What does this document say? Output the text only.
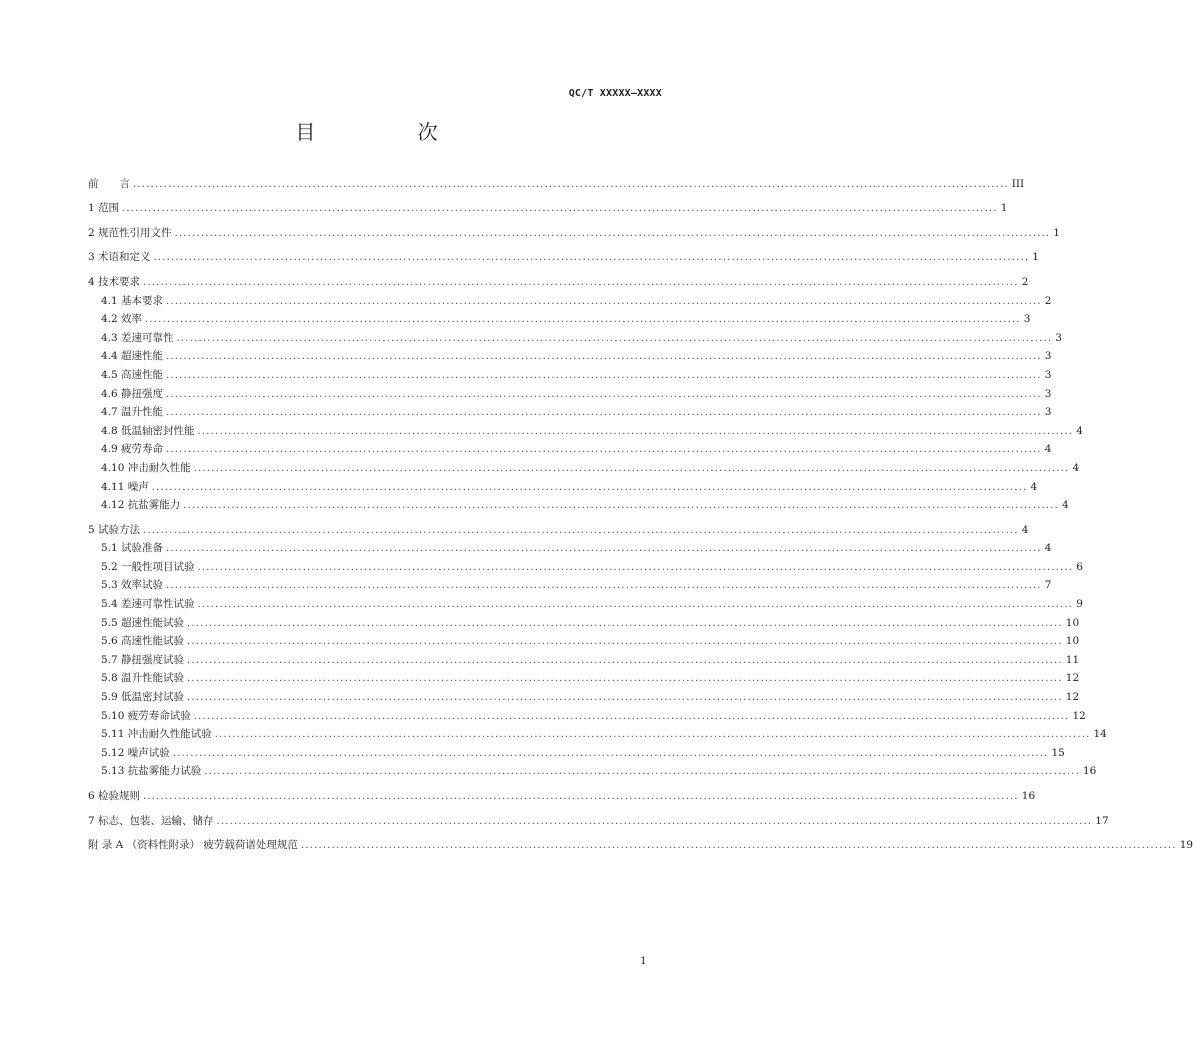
QC/T XXXXX—XXXX
目 次
前　　言 ........................................................................................................................................................................................................ III
1 范围 ........................................................................................................................................................................................................ 1
2 规范性引用文件 ........................................................................................................................................................................................................ 1
3 术语和定义 ........................................................................................................................................................................................................ 1
4 技术要求 ........................................................................................................................................................................................................ 2
4.1 基本要求 ........................................................................................................................................................................................................ 2
4.2 效率 ........................................................................................................................................................................................................ 3
4.3 差速可靠性 ........................................................................................................................................................................................................ 3
4.4 超速性能 ........................................................................................................................................................................................................ 3
4.5 高速性能 ........................................................................................................................................................................................................ 3
4.6 静扭强度 ........................................................................................................................................................................................................ 3
4.7 温升性能 ........................................................................................................................................................................................................ 3
4.8 低温轴密封性能 ........................................................................................................................................................................................................ 4
4.9 疲劳寿命 ........................................................................................................................................................................................................ 4
4.10 冲击耐久性能 ........................................................................................................................................................................................................ 4
4.11 噪声 ........................................................................................................................................................................................................ 4
4.12 抗盐雾能力 ........................................................................................................................................................................................................ 4
5 试验方法 ........................................................................................................................................................................................................ 4
5.1 试验准备 ........................................................................................................................................................................................................ 4
5.2 一般性项目试验 ........................................................................................................................................................................................................ 6
5.3 效率试验 ........................................................................................................................................................................................................ 7
5.4 差速可靠性试验 ........................................................................................................................................................................................................ 9
5.5 超速性能试验 ........................................................................................................................................................................................................ 10
5.6 高速性能试验 ........................................................................................................................................................................................................ 10
5.7 静扭强度试验 ........................................................................................................................................................................................................ 11
5.8 温升性能试验 ........................................................................................................................................................................................................ 12
5.9 低温密封试验 ........................................................................................................................................................................................................ 12
5.10 疲劳寿命试验 ........................................................................................................................................................................................................ 12
5.11 冲击耐久性能试验 ........................................................................................................................................................................................................ 14
5.12 噪声试验 ........................................................................................................................................................................................................ 15
5.13 抗盐雾能力试验 ........................................................................................................................................................................................................ 16
6 检验规则 ........................................................................................................................................................................................................ 16
7 标志、包装、运输、储存 ........................................................................................................................................................................................................ 17
附 录 A （资料性附录） 疲劳载荷谱处理规范 ........................................................................................................................................................................................................ 19
1
